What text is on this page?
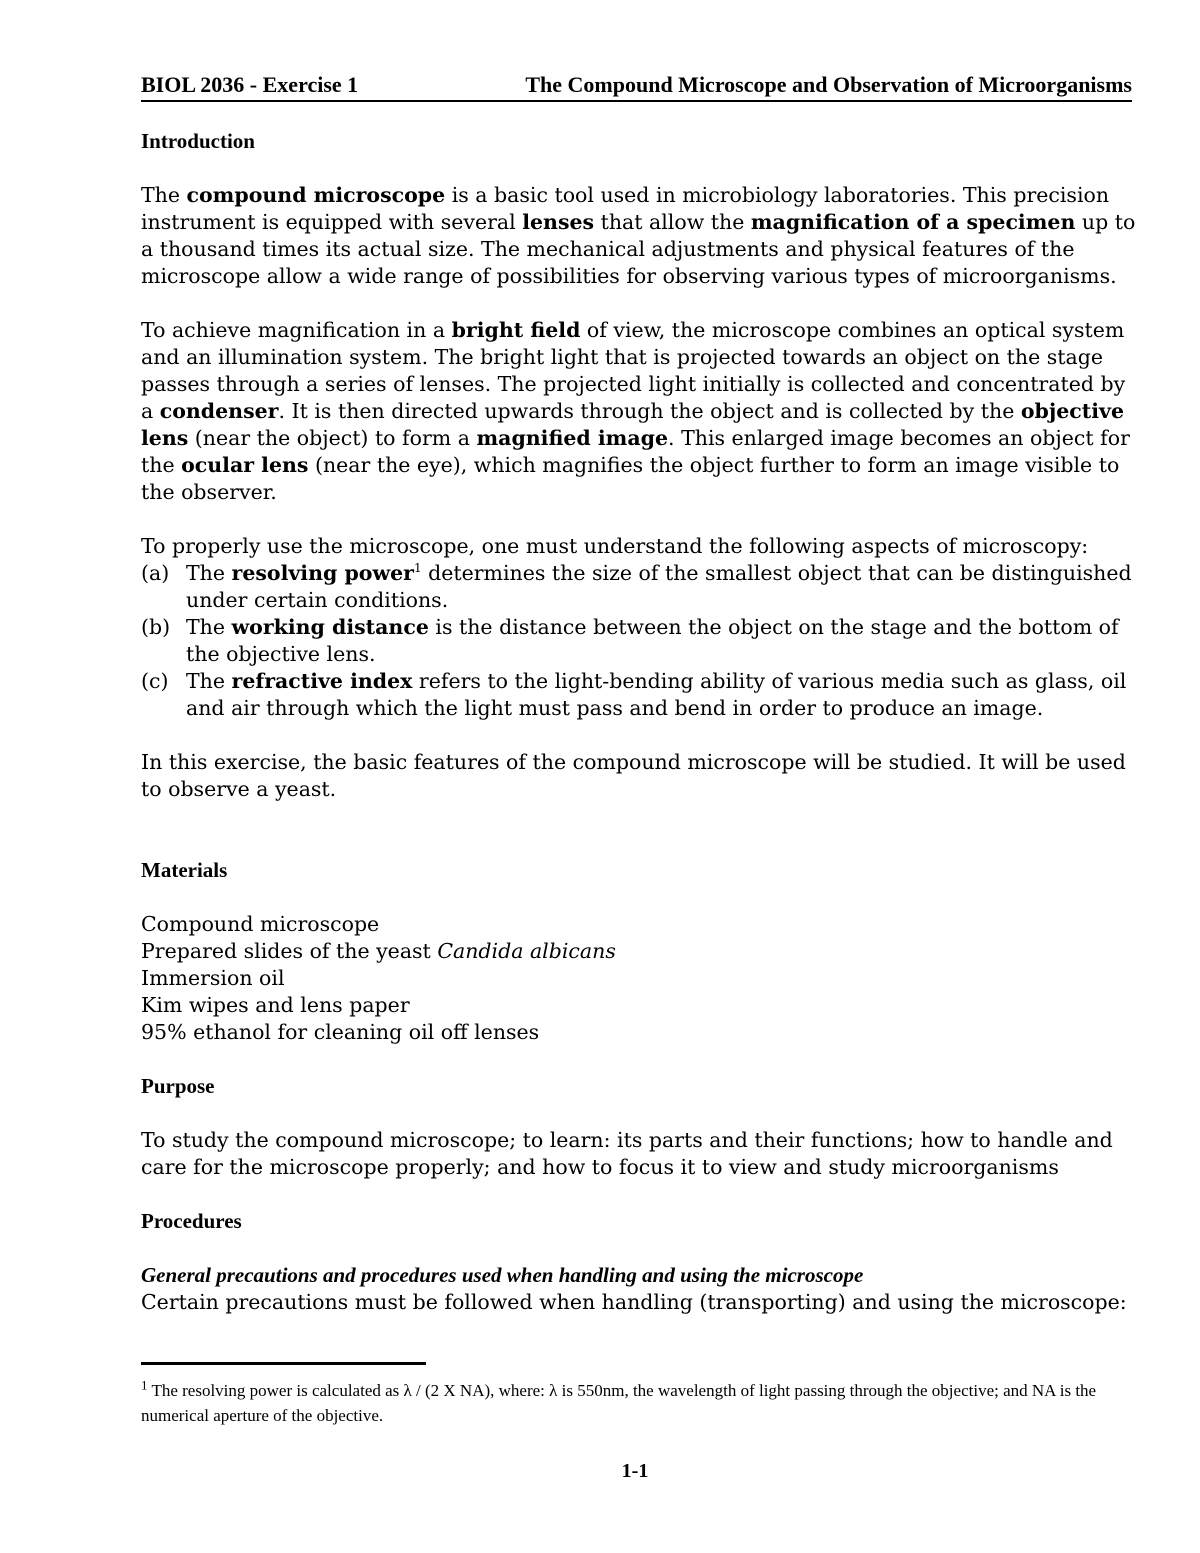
BIOL 2036 - Exercise 1	The Compound Microscope and Observation of Microorganisms
Introduction

The compound microscope is a basic tool used in microbiology laboratories. This precision instrument is equipped with several lenses that allow the magnification of a specimen up to a thousand times its actual size. The mechanical adjustments and physical features of the microscope allow a wide range of possibilities for observing various types of microorganisms.

To achieve magnification in a bright field of view, the microscope combines an optical system and an illumination system. The bright light that is projected towards an object on the stage passes through a series of lenses. The projected light initially is collected and concentrated by a condenser. It is then directed upwards through the object and is collected by the objective lens (near the object) to form a magnified image. This enlarged image becomes an object for the ocular lens (near the eye), which magnifies the object further to form an image visible to the observer.

To properly use the microscope, one must understand the following aspects of microscopy:

(a) The resolving power$^1$ determines the size of the smallest object that can be distinguished under certain conditions.
(b) The working distance is the distance between the object on the stage and the bottom of the objective lens.
(c) The refractive index refers to the light-bending ability of various media such as glass, oil and air through which the light must pass and bend in order to produce an image.

In this exercise, the basic features of the compound microscope will be studied. It will be used to observe a yeast.

Materials

Compound microscope

Prepared slides of the yeast Candida albicans

Immersion oil

Kim wipes and lens paper

95% ethanol for cleaning oil off lenses

Purpose

To study the compound microscope; to learn: its parts and their functions; how to handle and care for the microscope properly; and how to focus it to view and study microorganisms

Procedures

General precautions and procedures used when handling and using the microscope

Certain precautions must be followed when handling (transporting) and using the microscope:

$^1$ The resolving power is calculated as λ / (2 X NA), where: λ is 550nm, the wavelength of light passing through the objective; and NA is the numerical aperture of the objective.
1-1
